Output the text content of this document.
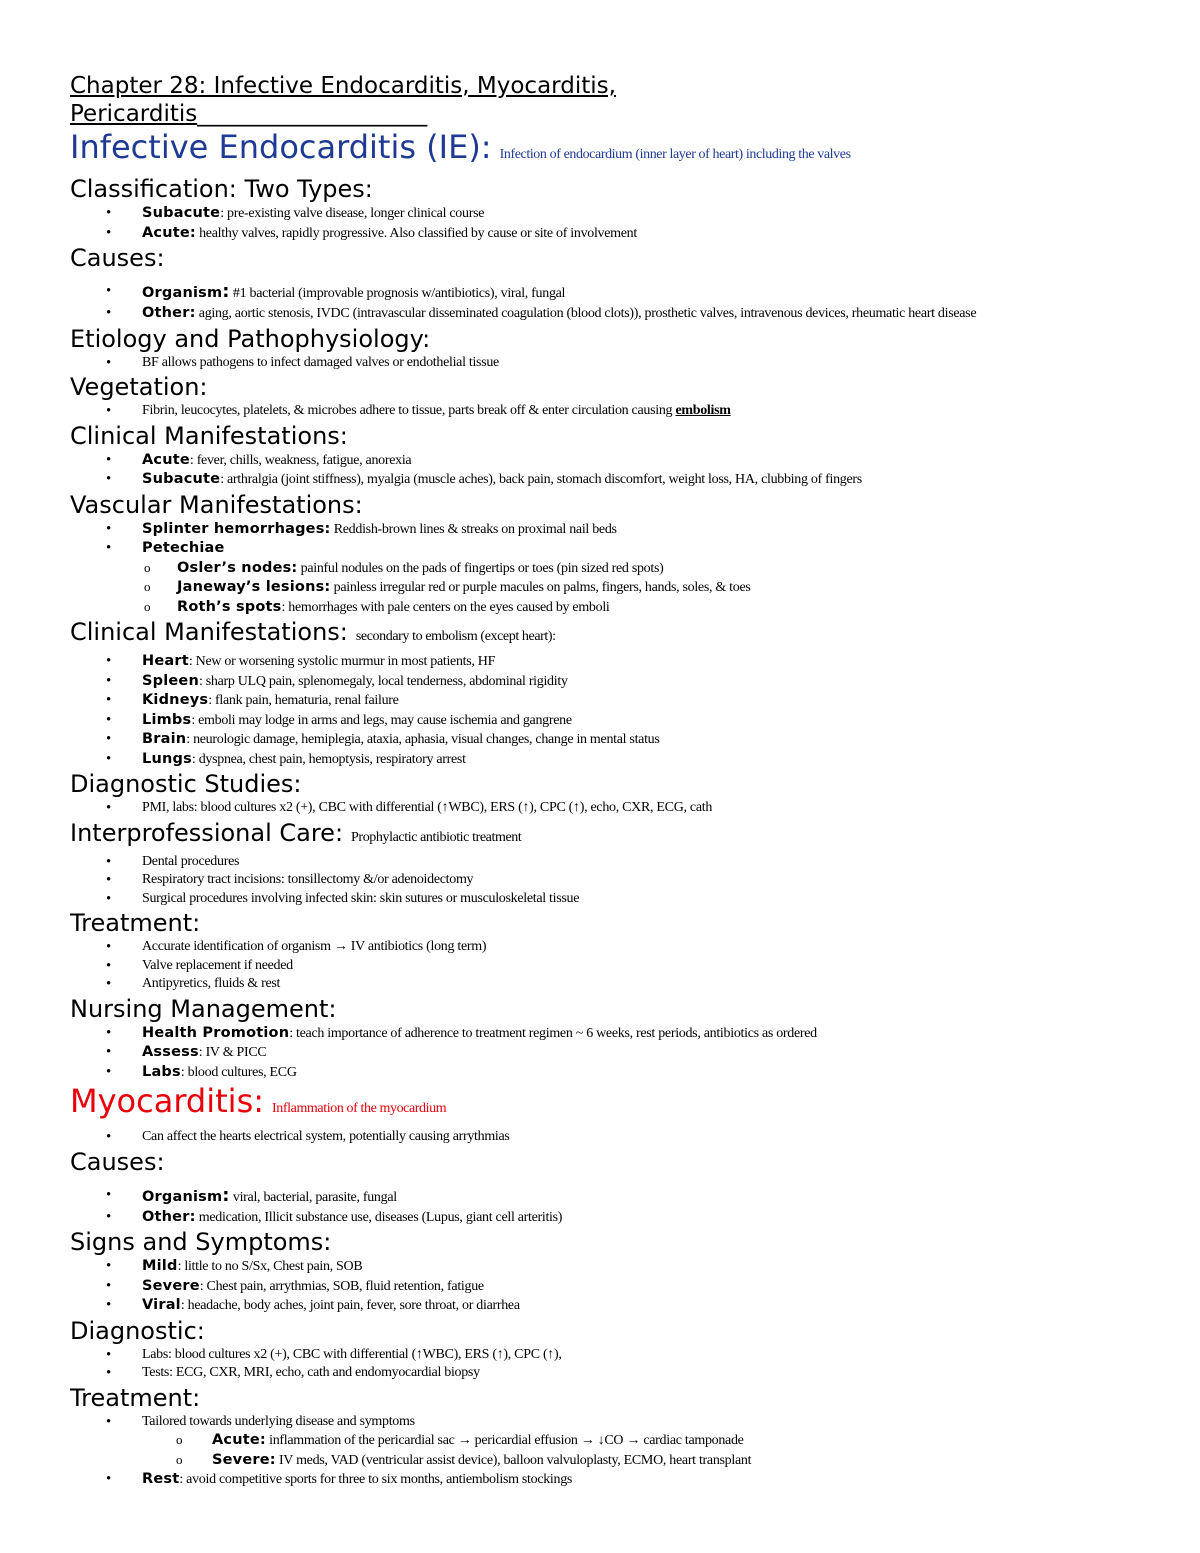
Chapter 28: Infective Endocarditis, Myocarditis,
Pericarditis____________________
Infective Endocarditis (IE): Infection of endocardium (inner layer of heart) including the valves
Classification: Two Types:
• Subacute: pre-existing valve disease, longer clinical course
• Acute: healthy valves, rapidly progressive. Also classified by cause or site of involvement
Causes:
• Organism: #1 bacterial (improvable prognosis w/antibiotics), viral, fungal
• Other: aging, aortic stenosis, IVDC (intravascular disseminated coagulation (blood clots)), prosthetic valves, intravenous devices, rheumatic heart disease
Etiology and Pathophysiology:
• BF allows pathogens to infect damaged valves or endothelial tissue
Vegetation:
• Fibrin, leucocytes, platelets, & microbes adhere to tissue, parts break off & enter circulation causing embolism
Clinical Manifestations:
• Acute: fever, chills, weakness, fatigue, anorexia
• Subacute: arthralgia (joint stiffness), myalgia (muscle aches), back pain, stomach discomfort, weight loss, HA, clubbing of fingers
Vascular Manifestations:
• Splinter hemorrhages: Reddish-brown lines & streaks on proximal nail beds
• Petechiae
o Osler’s nodes: painful nodules on the pads of fingertips or toes (pin sized red spots)
o Janeway’s lesions: painless irregular red or purple macules on palms, fingers, hands, soles, & toes
o Roth’s spots: hemorrhages with pale centers on the eyes caused by emboli
Clinical Manifestations: secondary to embolism (except heart):
• Heart: New or worsening systolic murmur in most patients, HF
• Spleen: sharp ULQ pain, splenomegaly, local tenderness, abdominal rigidity
• Kidneys: flank pain, hematuria, renal failure
• Limbs: emboli may lodge in arms and legs, may cause ischemia and gangrene
• Brain: neurologic damage, hemiplegia, ataxia, aphasia, visual changes, change in mental status
• Lungs: dyspnea, chest pain, hemoptysis, respiratory arrest
Diagnostic Studies:
• PMI, labs: blood cultures x2 (+), CBC with differential (↑WBC), ERS (↑), CPC (↑), echo, CXR, ECG, cath
Interprofessional Care: Prophylactic antibiotic treatment
• Dental procedures
• Respiratory tract incisions: tonsillectomy &/or adenoidectomy
• Surgical procedures involving infected skin: skin sutures or musculoskeletal tissue
Treatment:
• Accurate identification of organism → IV antibiotics (long term)
• Valve replacement if needed
• Antipyretics, fluids & rest
Nursing Management:
• Health Promotion: teach importance of adherence to treatment regimen ~ 6 weeks, rest periods, antibiotics as ordered
• Assess: IV & PICC
• Labs: blood cultures, ECG
Myocarditis: Inflammation of the myocardium
• Can affect the hearts electrical system, potentially causing arrythmias
Causes:
• Organism: viral, bacterial, parasite, fungal
• Other: medication, Illicit substance use, diseases (Lupus, giant cell arteritis)
Signs and Symptoms:
• Mild: little to no S/Sx, Chest pain, SOB
• Severe: Chest pain, arrythmias, SOB, fluid retention, fatigue
• Viral: headache, body aches, joint pain, fever, sore throat, or diarrhea
Diagnostic:
• Labs: blood cultures x2 (+), CBC with differential (↑WBC), ERS (↑), CPC (↑),
• Tests: ECG, CXR, MRI, echo, cath and endomyocardial biopsy
Treatment:
• Tailored towards underlying disease and symptoms
o Acute: inflammation of the pericardial sac → pericardial effusion → ↓CO → cardiac tamponade
o Severe: IV meds, VAD (ventricular assist device), balloon valvuloplasty, ECMO, heart transplant
• Rest: avoid competitive sports for three to six months, antiembolism stockings
